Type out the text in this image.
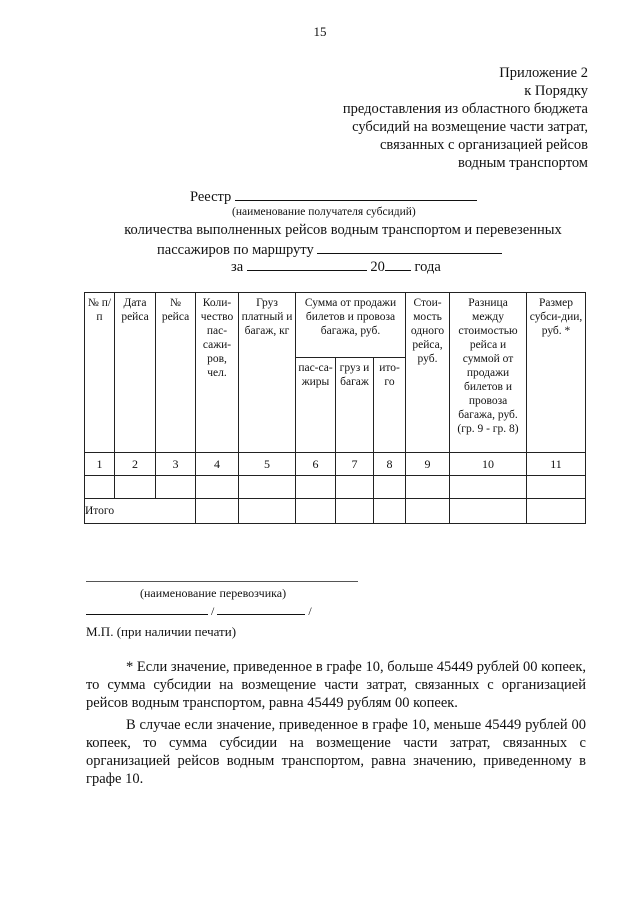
15
Приложение 2
к Порядку
предоставления из областного бюджета
субсидий на возмещение части затрат,
связанных с организацией рейсов
водным транспортом
Реестр
(наименование получателя субсидий)
количества выполненных рейсов водным транспортом и перевезенных
пассажиров по маршруту
за	20 года
№ п/п	Дата рейса	№ рейса	Коли-чество пас-сажи-ров, чел.	Груз платный и багаж, кг	Сумма от продажи билетов и провоза багажа, руб.			Стои-мость одного рейса, руб.	Разница между стоимостью рейса и суммой от продажи билетов и провоза багажа, руб. (гр. 9 - гр. 8)	Размер субси-дии, руб. *
					пас-са-жиры	груз и багаж	ито-го			
1	2	3	4	5	6	7	8	9	10	11

Итого										
(наименование перевозчика)
/	/
М.П. (при наличии печати)
* Если значение, приведенное в графе 10, больше 45449 рублей 00 копеек, то сумма субсидии на возмещение части затрат, связанных с организацией рейсов водным транспортом, равна 45449 рублям 00 копеек.
В случае если значение, приведенное в графе 10, меньше 45449 рублей 00 копеек, то сумма субсидии на возмещение части затрат, связанных с организацией рейсов водным транспортом, равна значению, приведенному в графе 10.
